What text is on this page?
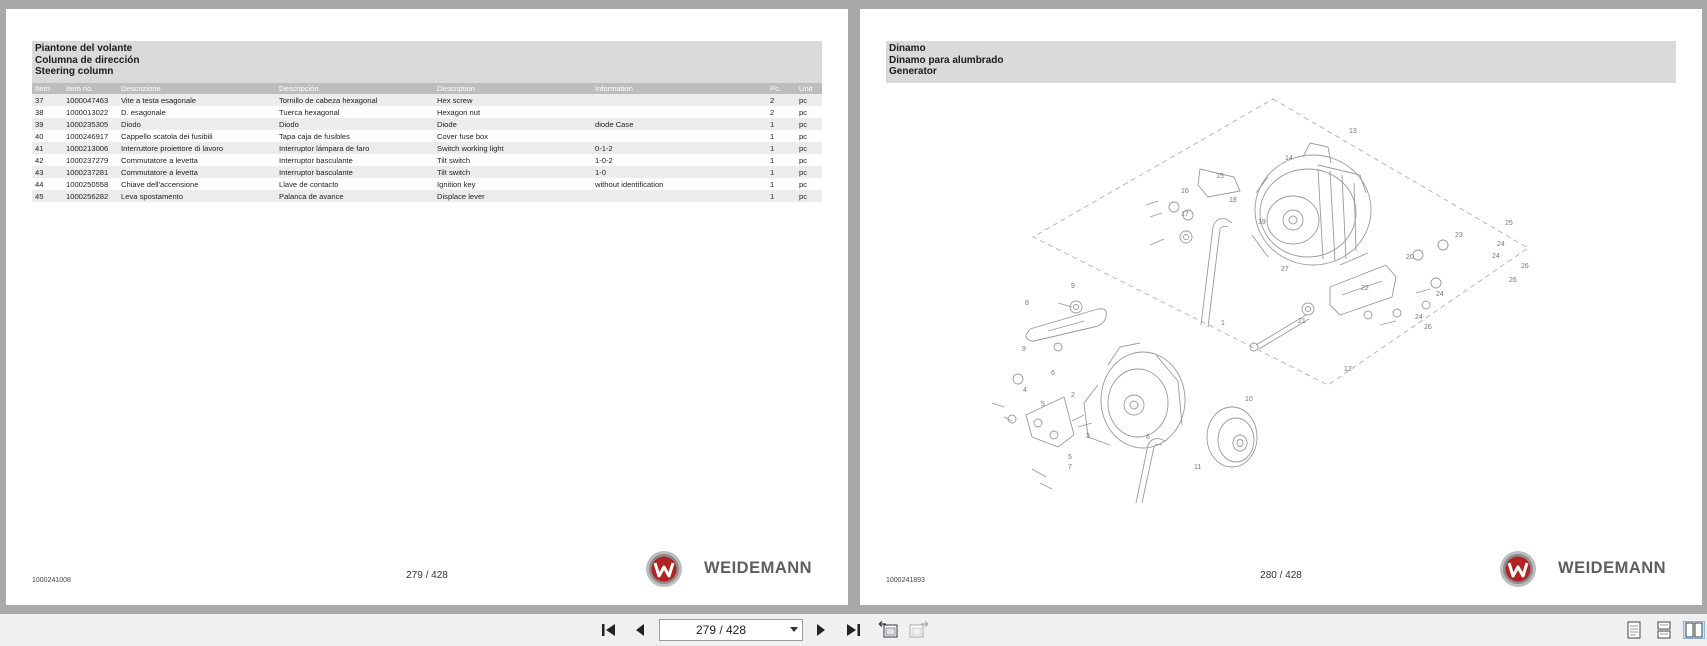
Piantone del volante
Columna de dirección
Steering column
Item	Item no.	Descrizione	Descripción	Description	Information	Pc.	Unit
37	1000047463	Vite a testa esagonale	Tornillo de cabeza hexagonal	Hex screw		2	pc
38	1000013022	D. esagonale	Tuerca hexagonal	Hexagon nut		2	pc
39	1000235305	Diodo	Diodo	Diode	diode Case	1	pc
40	1000246917	Cappello scatola dei fusibili	Tapa caja de fusibles	Cover fuse box		1	pc
41	1000213006	Interruttore proiettore di lavoro	Interruptor lámpara de faro	Switch working light	0-1-2	1	pc
42	1000237279	Commutatore a levetta	Interruptor basculante	Tilt switch	1-0-2	1	pc
43	1000237281	Commutatore a levetta	Interruptor basculante	Tilt switch	1-0	1	pc
44	1000250558	Chiave dell'accensione	Llave de contacto	Ignition key	without identification	1	pc
45	1000256282	Leva spostamento	Palanca de avance	Displace lever		1	pc
1000241008	279 / 428	WEIDEMANN
Dinamo
Dinamo para alumbrado
Generator
1
2
3
4
5
5
6
6
7
8
9
9
10
11
12
13
14
15
16
17
18
19
20
21
22
23
24
24
24
24
25
26
26
26
27
1000241893	280 / 428	WEIDEMANN
279 / 428
